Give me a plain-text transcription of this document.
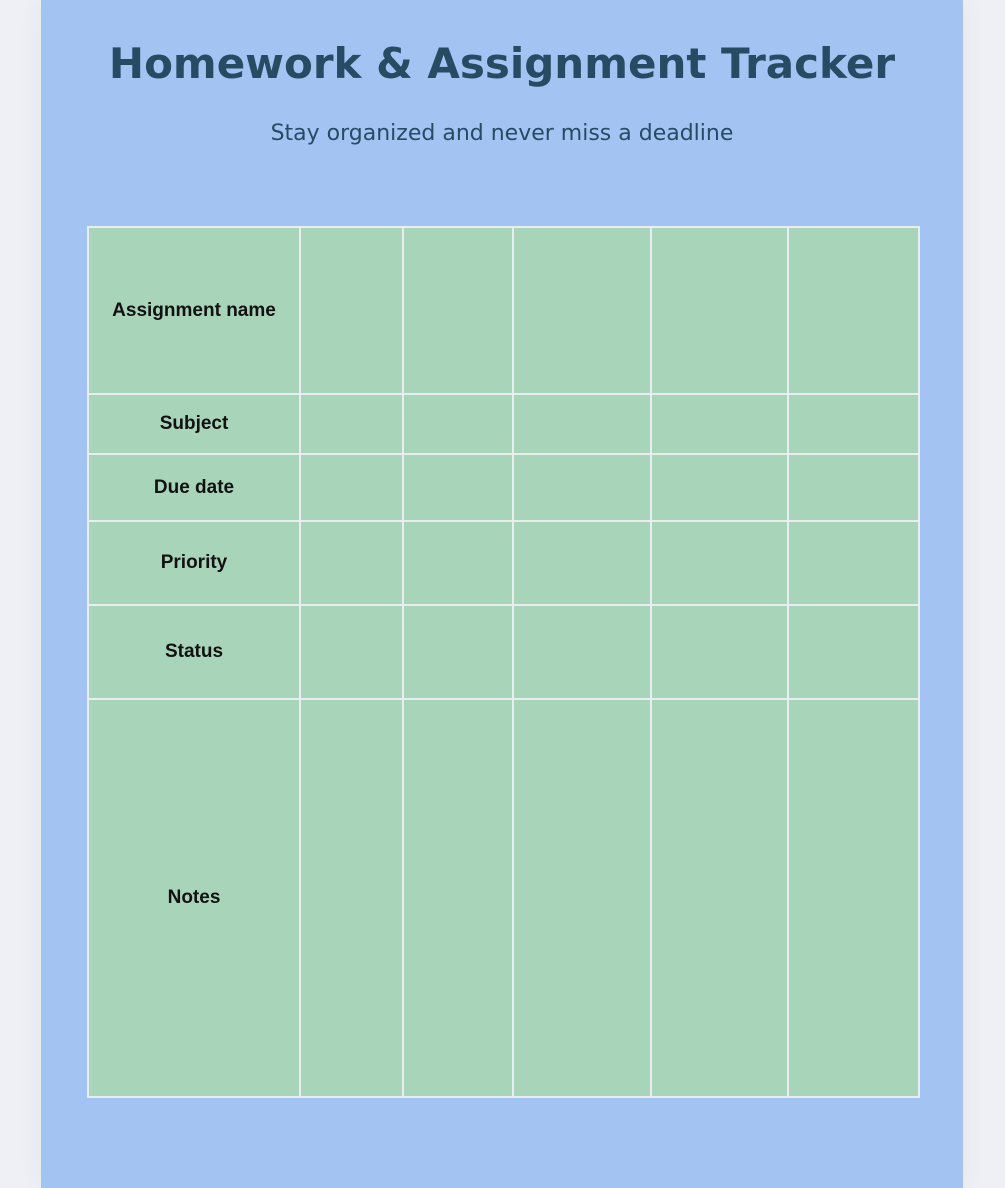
Homework & Assignment Tracker

Stay organized and never miss a deadline

Assignment name					
Subject					
Due date					
Priority					
Status					
Notes					
